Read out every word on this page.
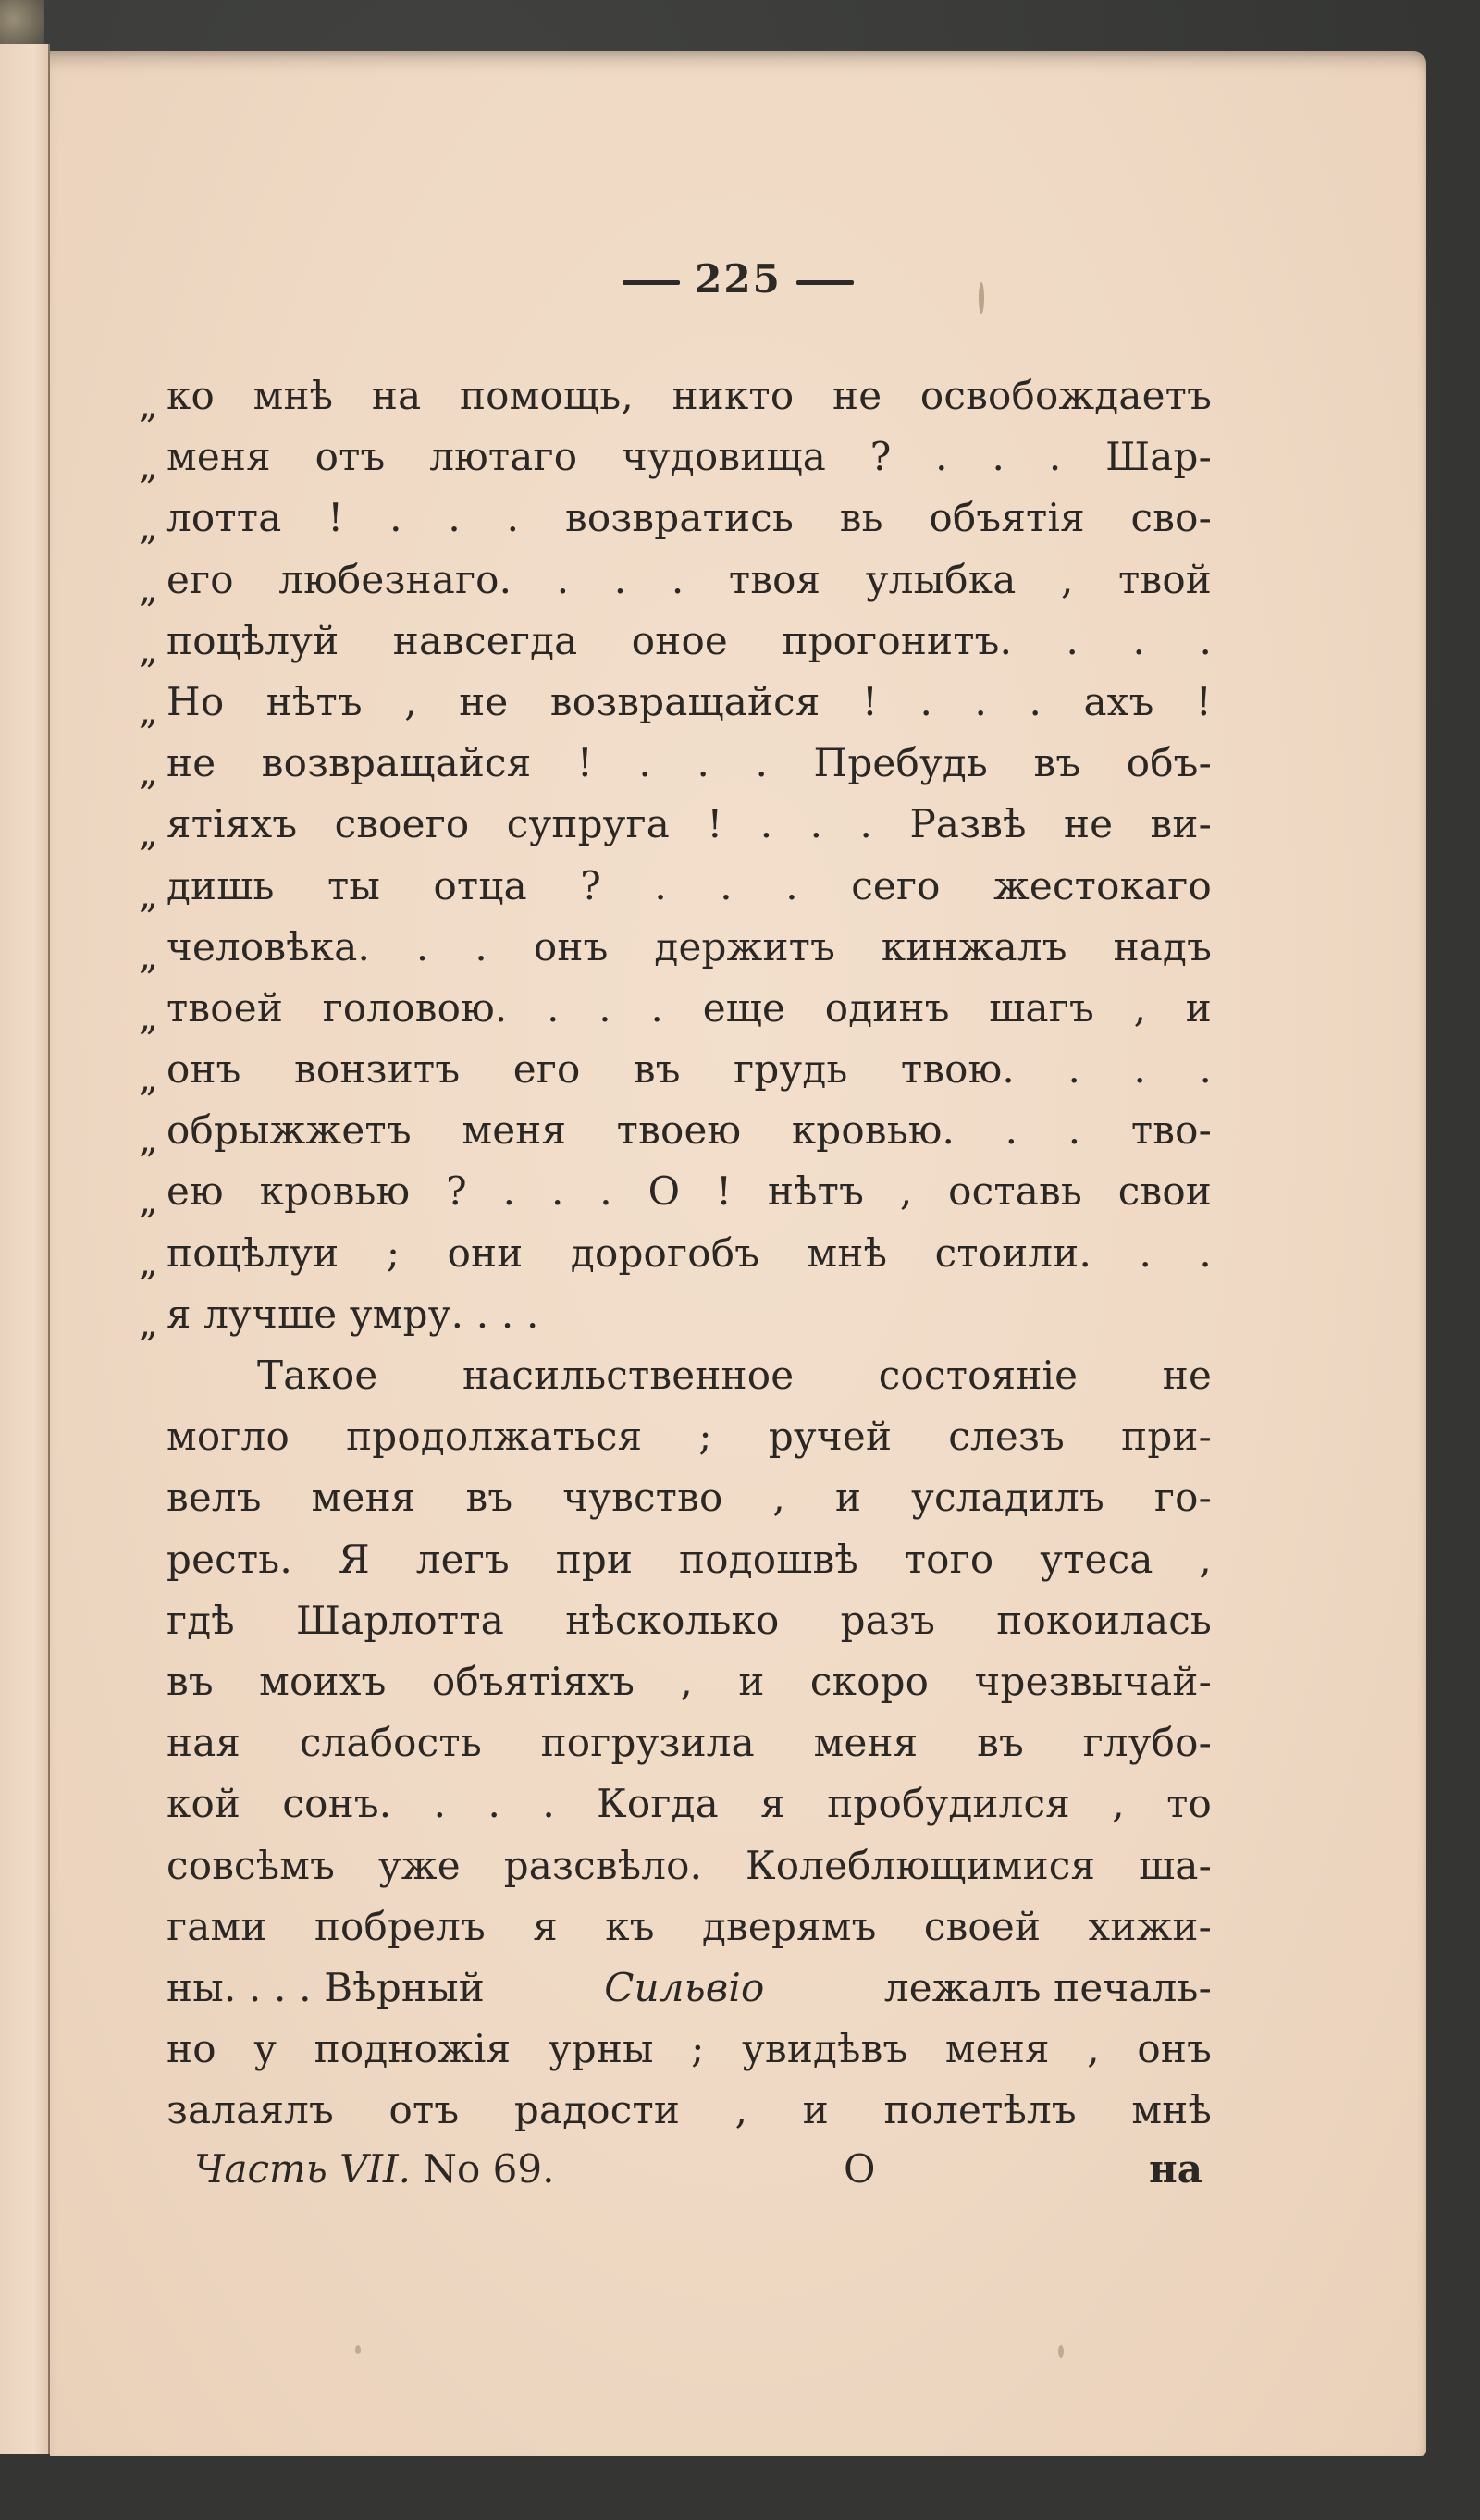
225
„ ко мнѣ на помощь, никто не освобождаетъ
„ меня отъ лютаго чудовища ? . . . Шар-
„ лотта ! . . . возвратись вь объятія сво-
„ его любезнаго. . . . твоя улыбка , твой
„ поцѣлуй навсегда оное прогонитъ. . . .
„ Но нѣтъ , не возвращайся ! . . . ахъ !
„ не возвращайся ! . . . Пребудь въ объ-
„ ятіяхъ своего супруга ! . . . Развѣ не ви-
„ дишь ты отца ? . . . сего жестокаго
„ человѣка. . . онъ держитъ кинжалъ надъ
„ твоей головою. . . . еще одинъ шагъ , и
„ онъ вонзитъ его въ грудь твою. . . .
„ обрыжжетъ меня твоею кровью. . . тво-
„ ею кровью ? . . . О ! нѣтъ , оставь свои
„ поцѣлуи ; они дорогобъ мнѣ стоили. . .
„ я лучше умру. . . .
Такое насильственное состояніе не
могло продолжаться ; ручей слезъ при-
велъ меня въ чувство , и усладилъ го-
ресть. Я легъ при подошвѣ того утеса ,
гдѣ Шарлотта нѣсколько разъ покоилась
въ моихъ объятіяхъ , и скоро чрезвычай-
ная слабость погрузила меня въ глубо-
кой сонъ. . . . Когда я пробудился , то
совсѣмъ уже разсвѣло. Колеблющимися ша-
гами побрелъ я къ дверямъ своей хижи-
ны. . . . Вѣрный	Сильвіо	лежалъ печаль-
но у подножія урны ; увидѣвъ меня , онъ
залаялъ отъ радости , и полетѣлъ мнѣ
Часть VII. No 69.	О	на
